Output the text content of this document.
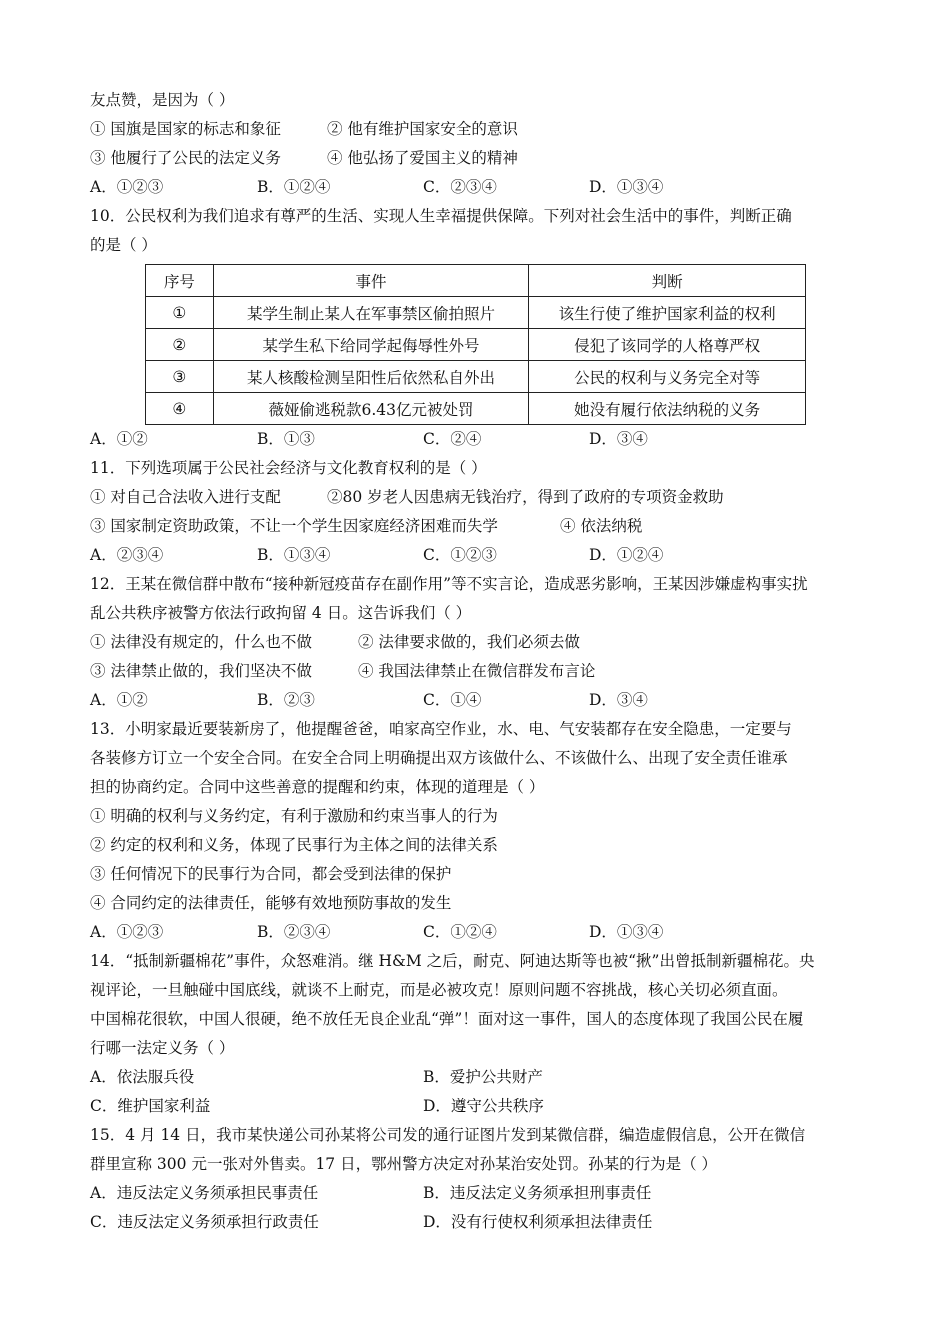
友点赞，是因为（ ）
① 国旗是国家的标志和象征	② 他有维护国家安全的意识
③ 他履行了公民的法定义务	④ 他弘扬了爱国主义的精神
A．①②③	B．①②④	C．②③④	D．①③④
10．公民权利为我们追求有尊严的生活、实现人生幸福提供保障。下列对社会生活中的事件，判断正确
的是（ ）
序号	事件	判断
①	某学生制止某人在军事禁区偷拍照片	该生行使了维护国家利益的权利
②	某学生私下给同学起侮辱性外号	侵犯了该同学的人格尊严权
③	某人核酸检测呈阳性后依然私自外出	公民的权利与义务完全对等
④	薇娅偷逃税款6.43亿元被处罚	她没有履行依法纳税的义务
A．①②	B．①③	C．②④	D．③④
11．下列选项属于公民社会经济与文化教育权利的是（ ）
① 对自己合法收入进行支配	②80 岁老人因患病无钱治疗，得到了政府的专项资金救助
③ 国家制定资助政策，不让一个学生因家庭经济困难而失学	④ 依法纳税
A．②③④	B．①③④	C．①②③	D．①②④
12．王某在微信群中散布“接种新冠疫苗存在副作用”等不实言论，造成恶劣影响，王某因涉嫌虚构事实扰
乱公共秩序被警方依法行政拘留 4 日。这告诉我们（ ）
① 法律没有规定的，什么也不做	② 法律要求做的，我们必须去做
③ 法律禁止做的，我们坚决不做	④ 我国法律禁止在微信群发布言论
A．①②	B．②③	C．①④	D．③④
13．小明家最近要装新房了，他提醒爸爸，咱家高空作业，水、电、气安装都存在安全隐患，一定要与
各装修方订立一个安全合同。在安全合同上明确提出双方该做什么、不该做什么、出现了安全责任谁承
担的协商约定。合同中这些善意的提醒和约束，体现的道理是（ ）
① 明确的权利与义务约定，有利于激励和约束当事人的行为
② 约定的权利和义务，体现了民事行为主体之间的法律关系
③ 任何情况下的民事行为合同，都会受到法律的保护
④ 合同约定的法律责任，能够有效地预防事故的发生
A．①②③	B．②③④	C．①②④	D．①③④
14．“抵制新疆棉花”事件，众怒难消。继 H&M 之后，耐克、阿迪达斯等也被“揪”出曾抵制新疆棉花。央
视评论，一旦触碰中国底线，就谈不上耐克，而是必被攻克！原则问题不容挑战，核心关切必须直面。
中国棉花很软，中国人很硬，绝不放任无良企业乱“弹”！面对这一事件，国人的态度体现了我国公民在履
行哪一法定义务（ ）
A．依法服兵役	B．爱护公共财产
C．维护国家利益	D．遵守公共秩序
15．4 月 14 日，我市某快递公司孙某将公司发的通行证图片发到某微信群，编造虚假信息，公开在微信
群里宣称 300 元一张对外售卖。17 日，鄂州警方决定对孙某治安处罚。孙某的行为是（ ）
A．违反法定义务须承担民事责任	B．违反法定义务须承担刑事责任
C．违反法定义务须承担行政责任	D．没有行使权利须承担法律责任
